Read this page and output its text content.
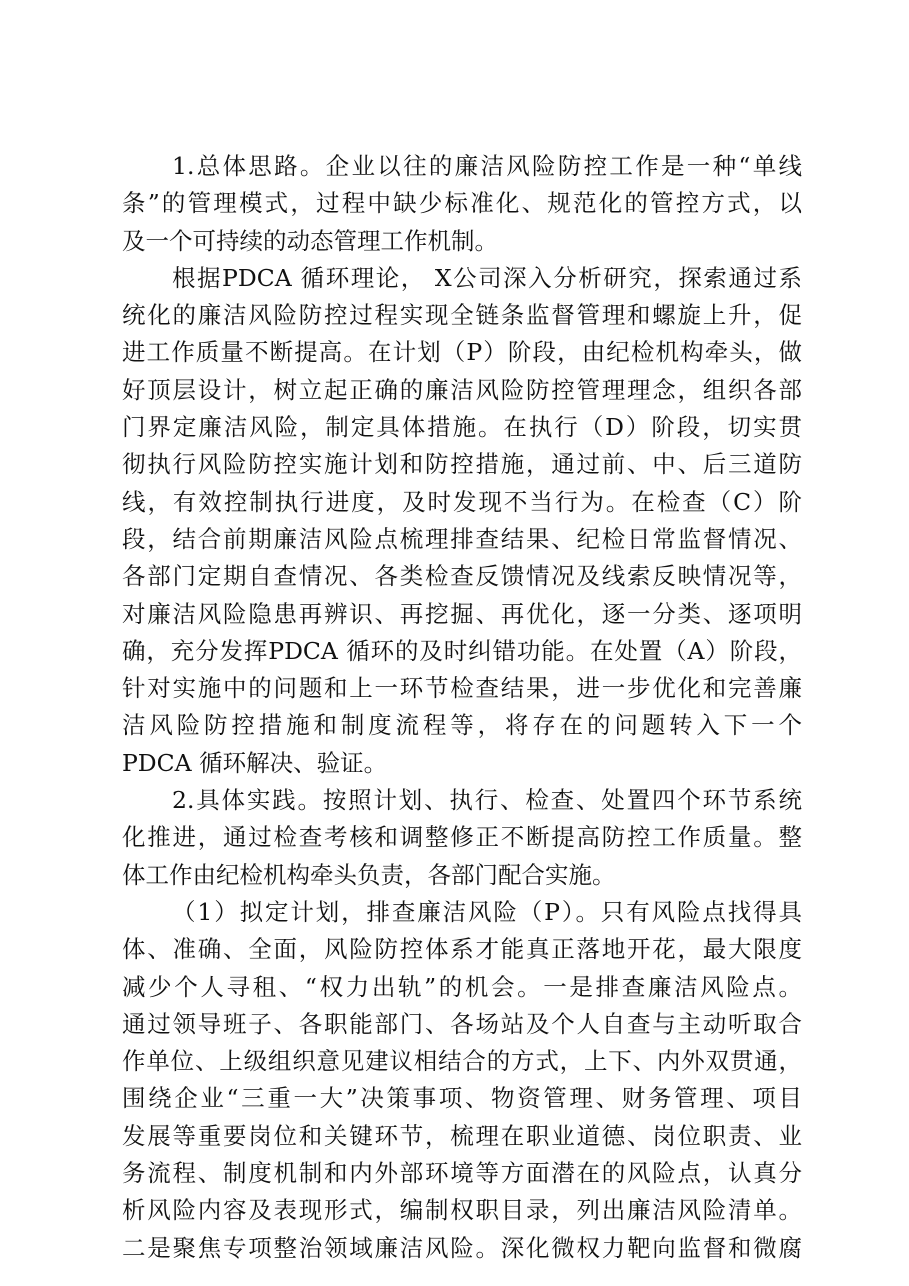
1.总体思路。企业以往的廉洁风险防控工作是一种“单线
条”的管理模式，过程中缺少标准化、规范化的管控方式，以
及一个可持续的动态管理工作机制。
根据PDCA 循环理论， X公司深入分析研究，探索通过系
统化的廉洁风险防控过程实现全链条监督管理和螺旋上升，促
进工作质量不断提高。在计划（P）阶段，由纪检机构牵头，做
好顶层设计，树立起正确的廉洁风险防控管理理念，组织各部
门界定廉洁风险，制定具体措施。在执行（D）阶段，切实贯
彻执行风险防控实施计划和防控措施，通过前、中、后三道防
线，有效控制执行进度，及时发现不当行为。在检查（C）阶
段，结合前期廉洁风险点梳理排查结果、纪检日常监督情况、
各部门定期自查情况、各类检查反馈情况及线索反映情况等，
对廉洁风险隐患再辨识、再挖掘、再优化，逐一分类、逐项明
确，充分发挥PDCA 循环的及时纠错功能。在处置（A）阶段，
针对实施中的问题和上一环节检查结果，进一步优化和完善廉
洁风险防控措施和制度流程等，将存在的问题转入下一个
PDCA 循环解决、验证。
2.具体实践。按照计划、执行、检查、处置四个环节系统
化推进，通过检查考核和调整修正不断提高防控工作质量。整
体工作由纪检机构牵头负责，各部门配合实施。
（1）拟定计划，排查廉洁风险（P）。只有风险点找得具
体、准确、全面，风险防控体系才能真正落地开花，最大限度
减少个人寻租、“权力出轨”的机会。一是排查廉洁风险点。
通过领导班子、各职能部门、各场站及个人自查与主动听取合
作单位、上级组织意见建议相结合的方式，上下、内外双贯通，
围绕企业“三重一大”决策事项、物资管理、财务管理、项目
发展等重要岗位和关键环节，梳理在职业道德、岗位职责、业
务流程、制度机制和内外部环境等方面潜在的风险点，认真分
析风险内容及表现形式，编制权职目录，列出廉洁风险清单。
二是聚焦专项整治领域廉洁风险。深化微权力靶向监督和微腐
